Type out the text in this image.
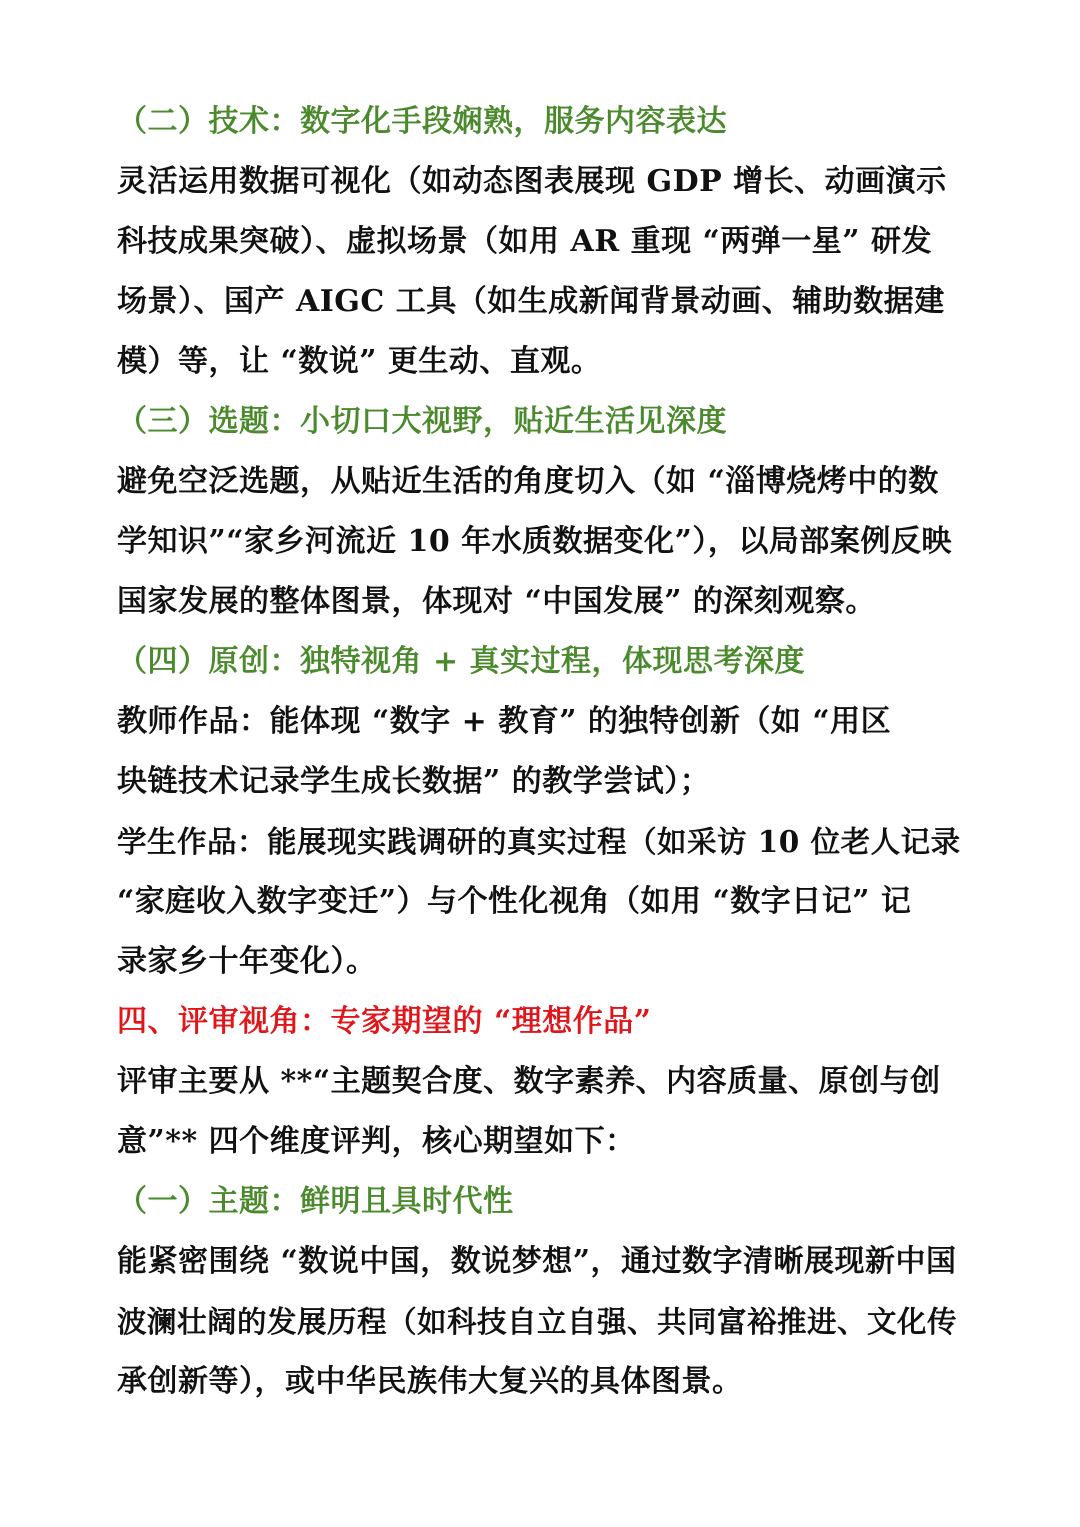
（二）技术：数字化手段娴熟，服务内容表达
灵活运用数据可视化（如动态图表展现 GDP 增长、动画演示
科技成果突破）、虚拟场景（如用 AR 重现 “两弹一星” 研发
场景）、国产 AIGC 工具（如生成新闻背景动画、辅助数据建
模）等，让 “数说” 更生动、直观。
（三）选题：小切口大视野，贴近生活见深度
避免空泛选题，从贴近生活的角度切入（如 “淄博烧烤中的数
学知识”“家乡河流近 10 年水质数据变化”），以局部案例反映
国家发展的整体图景，体现对 “中国发展” 的深刻观察。
（四）原创：独特视角 + 真实过程，体现思考深度
教师作品：能体现 “数字 + 教育” 的独特创新（如 “用区
块链技术记录学生成长数据” 的教学尝试）；
学生作品：能展现实践调研的真实过程（如采访 10 位老人记录
“家庭收入数字变迁”）与个性化视角（如用 “数字日记” 记
录家乡十年变化）。
四、评审视角：专家期望的 “理想作品”
评审主要从 **“主题契合度、数字素养、内容质量、原创与创
意”** 四个维度评判，核心期望如下：
（一）主题：鲜明且具时代性
能紧密围绕 “数说中国，数说梦想”，通过数字清晰展现新中国
波澜壮阔的发展历程（如科技自立自强、共同富裕推进、文化传
承创新等），或中华民族伟大复兴的具体图景。
